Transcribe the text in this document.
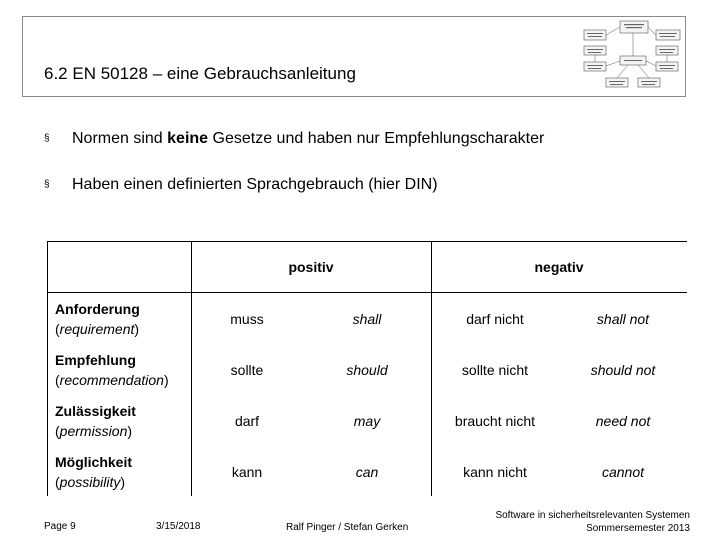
6.2 EN 50128 – eine Gebrauchsanleitung
§	Normen sind keine Gesetze und haben nur Empfehlungscharakter
§	Haben einen definierten Sprachgebrauch (hier DIN)
positiv	negativ
Anforderung
(requirement)
muss	shall	darf nicht	shall not
Empfehlung
(recommendation)
sollte	should	sollte nicht	should not
Zulässigkeit
(permission)
darf	may	braucht nicht	need not
Möglichkeit
(possibility)
kann	can	kann nicht	cannot
Page 9	3/15/2018	Ralf Pinger / Stefan Gerken
Software in sicherheitsrelevanten Systemen
Sommersemester 2013
